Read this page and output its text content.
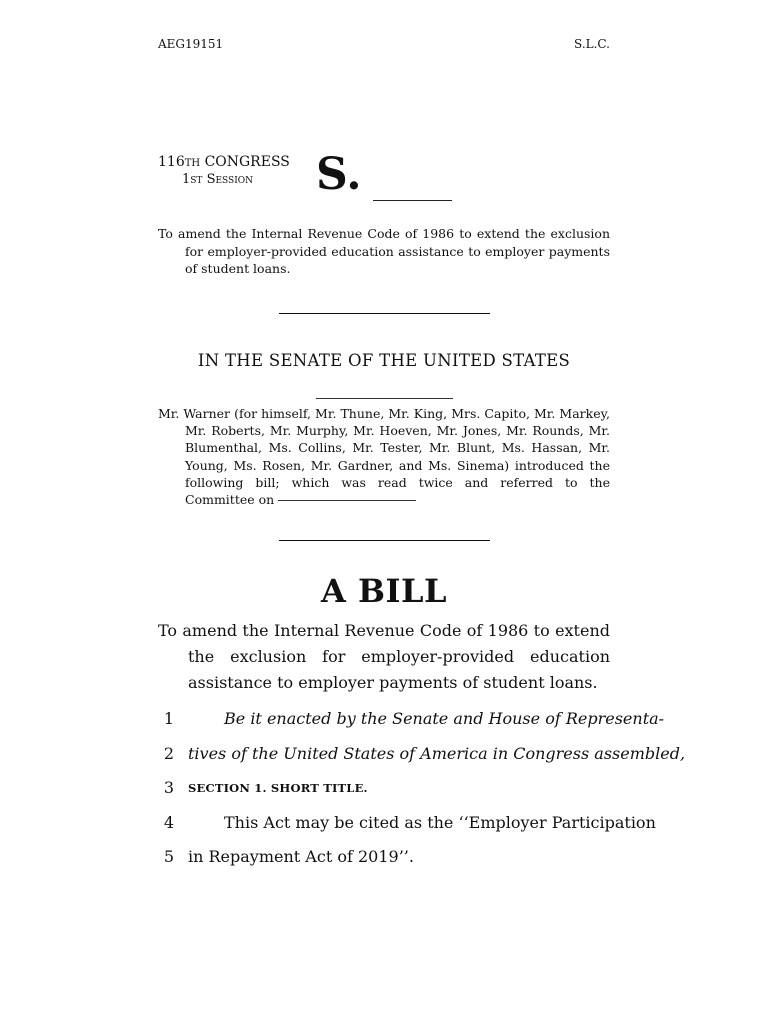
AEG19151	S.L.C.
116th CONGRESS
1st Session S.
To amend the Internal Revenue Code of 1986 to extend the exclusion for employer-provided education assistance to employer payments of student loans.
IN THE SENATE OF THE UNITED STATES
Mr. Warner (for himself, Mr. Thune, Mr. King, Mrs. Capito, Mr. Markey, Mr. Roberts, Mr. Murphy, Mr. Hoeven, Mr. Jones, Mr. Rounds, Mr. Blumenthal, Ms. Collins, Mr. Tester, Mr. Blunt, Ms. Hassan, Mr. Young, Ms. Rosen, Mr. Gardner, and Ms. Sinema) introduced the following bill; which was read twice and referred to the Committee on
A BILL
To amend the Internal Revenue Code of 1986 to extend the exclusion for employer-provided education assistance to employer payments of student loans.
1	Be it enacted by the Senate and House of Representa-
2 tives of the United States of America in Congress assembled,
3	SECTION 1. SHORT TITLE.
4	This Act may be cited as the ‘‘Employer Participation
5 in Repayment Act of 2019’’.
